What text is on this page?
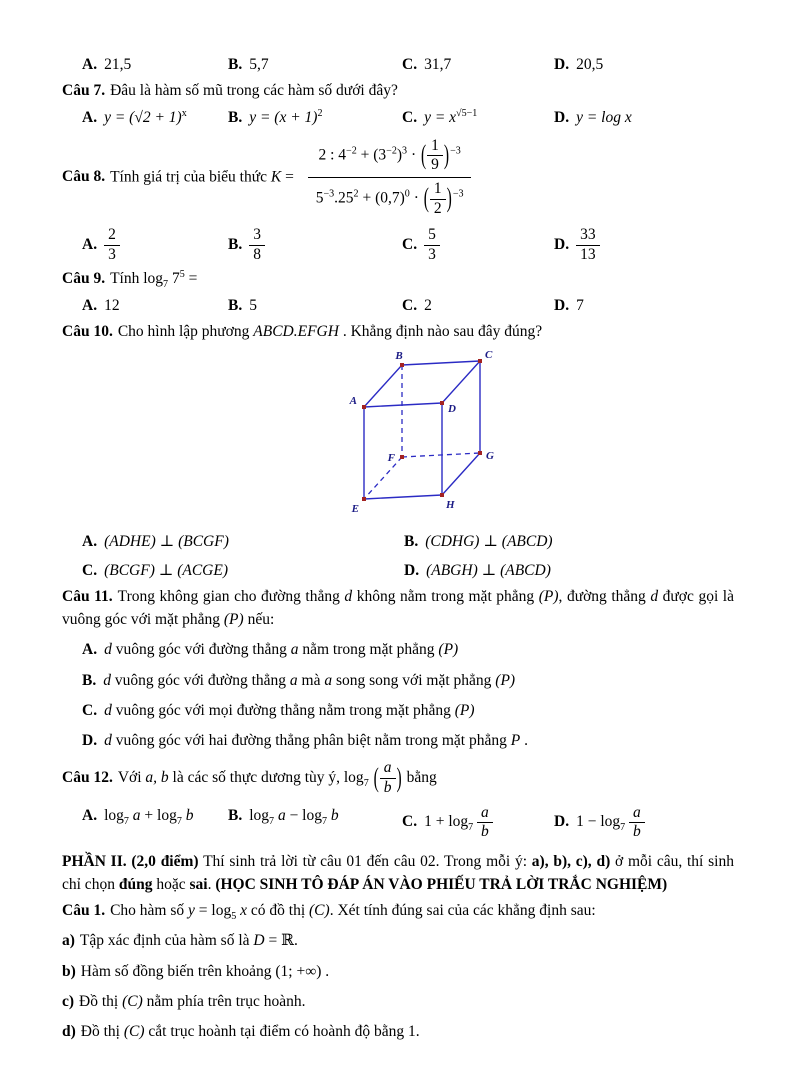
A. 21,5	B. 5,7	C. 31,7	D. 20,5

Câu 7. Đâu là hàm số mũ trong các hàm số dưới đây?

A. $y = (√2 + 1)^x$	B. $y = (x + 1)^2$	C. $y = x^{√5-1}$	D. y = log x
Câu 8. Tính giá trị của biểu thức $K = \frac{2 : 4^{-2} + (3^{-2})^3 \cdot ( \frac{1}{9} )^{-3}}{5^{-3}.25^2 + (0,7)^0 \cdot ( \frac{1}{2} )^{-3}}$
A. $\frac{2}{3}$	B. $\frac{3}{8}$	C. $\frac{5}{3}$	D. $\frac{33}{13}$

Câu 9. Tính $\log_7 7^5$ =

A. 12	B. 5	C. 2	D. 7

Câu 10. Cho hình lập phương ABCD.EFGH . Khẳng định nào sau đây đúng?

B	C
A
D
F	G
E	H
A. (ADHE) ⊥ (BCGF)	B. (CDHG) ⊥ (ABCD)
C. (BCGF) ⊥ (ACGE)	D. (ABGH) ⊥ (ABCD)

Câu 11. Trong không gian cho đường thẳng d không nằm trong mặt phẳng (P), đường thẳng d được gọi là vuông góc với mặt phẳng (P) nếu:

A. d vuông góc với đường thẳng a nằm trong mặt phẳng (P)

B. d vuông góc với đường thẳng a mà a song song với mặt phẳng (P)

C. d vuông góc với mọi đường thẳng nằm trong mặt phẳng (P)

D. d vuông góc với hai đường thẳng phân biệt nằm trong mặt phẳng P .

Câu 12. Với a, b là các số thực dương tùy ý, $\log_7$ ( $\frac{a}{b}$ ) bằng
A. $\log_7 a + \log_7 b$	B. $\log_7 a - \log_7 b$	C. $1 + \log_7 \frac{a}{b}$	D. $1 - \log_7 \frac{a}{b}$

PHẦN II. (2,0 điểm) Thí sinh trả lời từ câu 01 đến câu 02. Trong mỗi ý: a), b), c), d) ở mỗi câu, thí sinh chỉ chọn đúng hoặc sai. (HỌC SINH TÔ ĐÁP ÁN VÀO PHIẾU TRẢ LỜI TRẮC NGHIỆM)

Câu 1. Cho hàm số $y = \log_5 x$ có đồ thị (C). Xét tính đúng sai của các khẳng định sau:

a) Tập xác định của hàm số là D = ℝ.

b) Hàm số đồng biến trên khoảng (1; +∞) .

c) Đồ thị (C) nằm phía trên trục hoành.

d) Đồ thị (C) cắt trục hoành tại điểm có hoành độ bằng 1.
